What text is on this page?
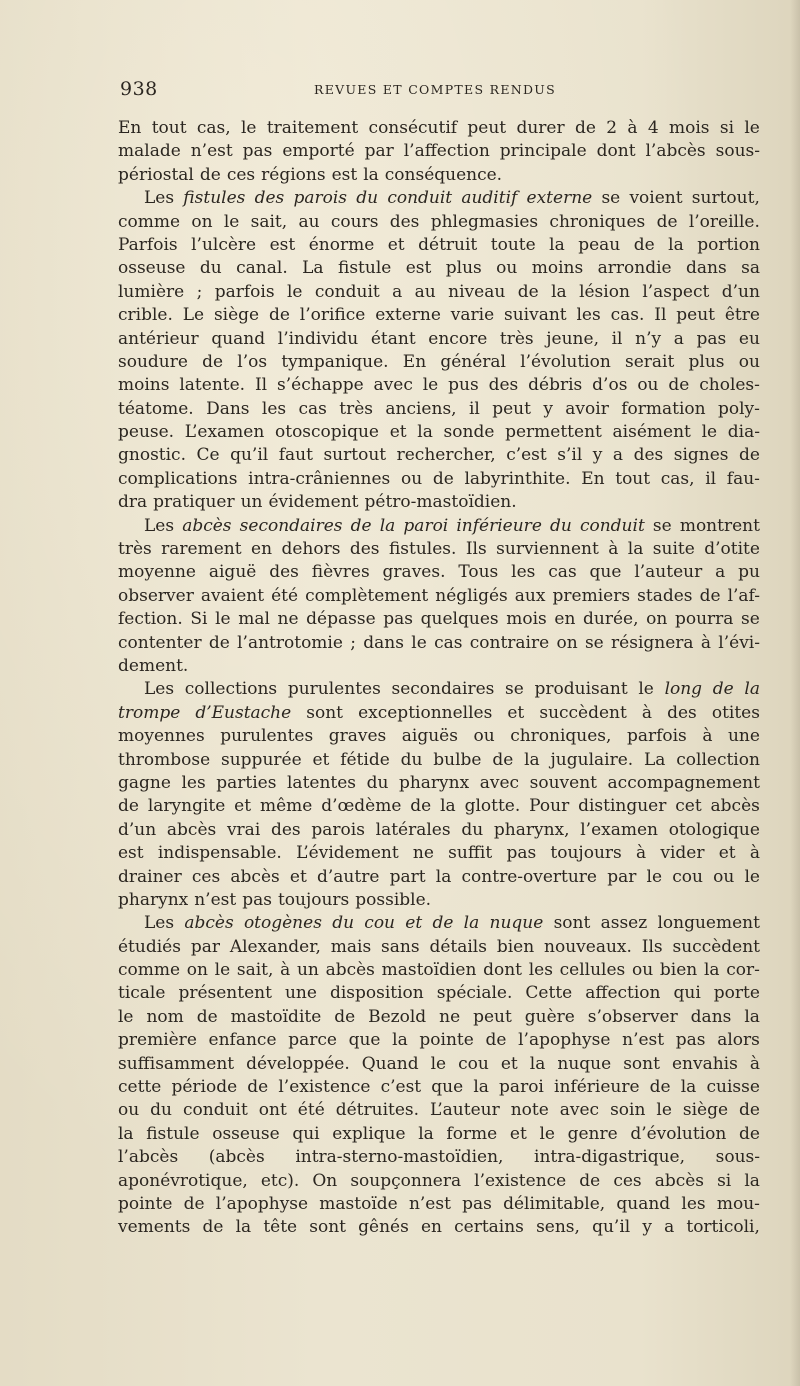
938	REVUES ET COMPTES RENDUS
En tout cas, le traitement consécutif peut durer de 2 à 4 mois si le
malade n’est pas emporté par l’affection principale dont l’abcès sous-
périostal de ces régions est la conséquence.
Les fistules des parois du conduit auditif externe se voient surtout,
comme on le sait, au cours des phlegmasies chroniques de l’oreille.
Parfois l’ulcère est énorme et détruit toute la peau de la portion
osseuse du canal. La fistule est plus ou moins arrondie dans sa
lumière ; parfois le conduit a au niveau de la lésion l’aspect d’un
crible. Le siège de l’orifice externe varie suivant les cas. Il peut être
antérieur quand l’individu étant encore très jeune, il n’y a pas eu
soudure de l’os tympanique. En général l’évolution serait plus ou
moins latente. Il s’échappe avec le pus des débris d’os ou de choles-
téatome. Dans les cas très anciens, il peut y avoir formation poly-
peuse. L’examen otoscopique et la sonde permettent aisément le dia-
gnostic. Ce qu’il faut surtout rechercher, c’est s’il y a des signes de
complications intra-crâniennes ou de labyrinthite. En tout cas, il fau-
dra pratiquer un évidement pétro-mastoïdien.
Les abcès secondaires de la paroi inférieure du conduit se montrent
très rarement en dehors des fistules. Ils surviennent à la suite d’otite
moyenne aiguë des fièvres graves. Tous les cas que l’auteur a pu
observer avaient été complètement négligés aux premiers stades de l’af-
fection. Si le mal ne dépasse pas quelques mois en durée, on pourra se
contenter de l’antrotomie ; dans le cas contraire on se résignera à l’évi-
dement.
Les collections purulentes secondaires se produisant le long de la
trompe d’Eustache sont exceptionnelles et succèdent à des otites
moyennes purulentes graves aiguës ou chroniques, parfois à une
thrombose suppurée et fétide du bulbe de la jugulaire. La collection
gagne les parties latentes du pharynx avec souvent accompagnement
de laryngite et même d’œdème de la glotte. Pour distinguer cet abcès
d’un abcès vrai des parois latérales du pharynx, l’examen otologique
est indispensable. L’évidement ne suffit pas toujours à vider et à
drainer ces abcès et d’autre part la contre-overture par le cou ou le
pharynx n’est pas toujours possible.
Les abcès otogènes du cou et de la nuque sont assez longuement
étudiés par Alexander, mais sans détails bien nouveaux. Ils succèdent
comme on le sait, à un abcès mastoïdien dont les cellules ou bien la cor-
ticale présentent une disposition spéciale. Cette affection qui porte
le nom de mastoïdite de Bezold ne peut guère s’observer dans la
première enfance parce que la pointe de l’apophyse n’est pas alors
suffisamment développée. Quand le cou et la nuque sont envahis à
cette période de l’existence c’est que la paroi inférieure de la cuisse
ou du conduit ont été détruites. L’auteur note avec soin le siège de
la fistule osseuse qui explique la forme et le genre d’évolution de
l’abcès (abcès intra-sterno-mastoïdien, intra-digastrique, sous-
aponévrotique, etc). On soupçonnera l’existence de ces abcès si la
pointe de l’apophyse mastoïde n’est pas délimitable, quand les mou-
vements de la tête sont gênés en certains sens, qu’il y a torticoli,
